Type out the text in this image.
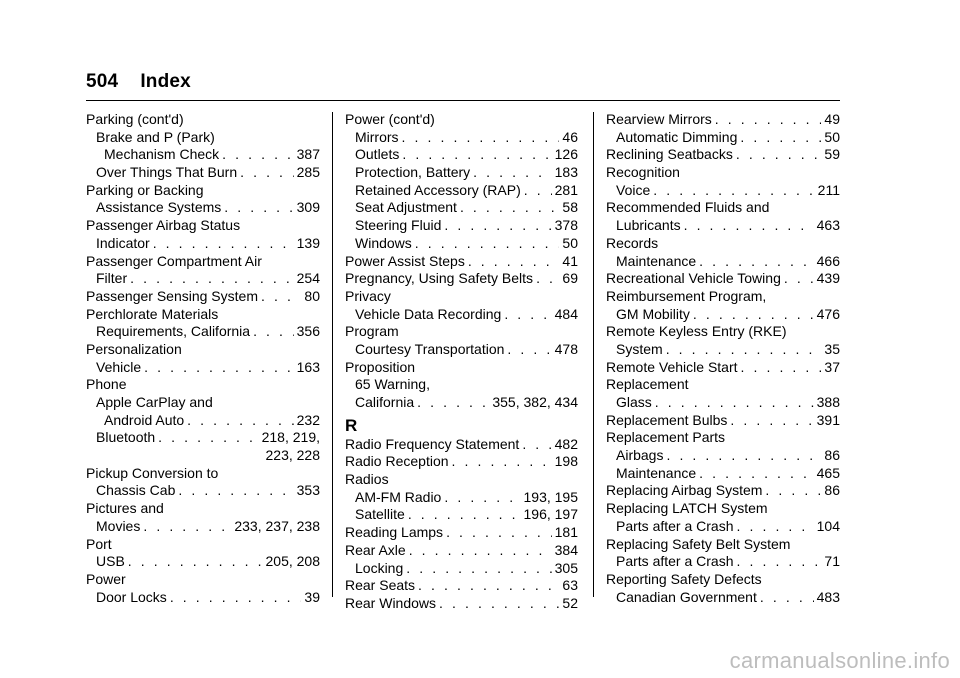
504 Index
Parking (cont'd)
Brake and P (Park)
Mechanism Check . . .	387
Over Things That Burn . . .	285
Parking or Backing
Assistance Systems . . .	309
Passenger Airbag Status
Indicator . . .	139
Passenger Compartment Air
Filter . . .	254
Passenger Sensing System . . .	80
Perchlorate Materials
Requirements, California . . .	356
Personalization
Vehicle . . .	163
Phone
Apple CarPlay and
Android Auto . . .	232
Bluetooth . . .	218, 219,
223, 228
Pickup Conversion to
Chassis Cab . . .	353
Pictures and
Movies . . .	233, 237, 238
Port
USB . . .	205, 208
Power
Door Locks . . .	39
Power (cont'd)
Mirrors . . .	46
Outlets . . .	126
Protection, Battery . . .	183
Retained Accessory (RAP) . . . 281
Seat Adjustment . . .	58
Steering Fluid . . .	378
Windows . . .	50
Power Assist Steps . . .	41
Pregnancy, Using Safety Belts . . . 69
Privacy
Vehicle Data Recording . . .	484
Program
Courtesy Transportation . . .	478
Proposition
65 Warning,
California . . .	355, 382, 434
R
Radio Frequency Statement . . .	482
Radio Reception . . .	198
Radios
AM-FM Radio . . .	193, 195
Satellite . . .	196, 197
Reading Lamps . . .	181
Rear Axle . . .	384
Locking . . .	305
Rear Seats . . .	63
Rear Windows . . .	52
Rearview Mirrors . . .	49
Automatic Dimming . . .	50
Reclining Seatbacks . . .	59
Recognition
Voice . . .	211
Recommended Fluids and
Lubricants . . .	463
Records
Maintenance . . .	466
Recreational Vehicle Towing . . .	439
Reimbursement Program,
GM Mobility . . .	476
Remote Keyless Entry (RKE)
System . . .	35
Remote Vehicle Start . . .	37
Replacement
Glass . . .	388
Replacement Bulbs . . .	391
Replacement Parts
Airbags . . .	86
Maintenance . . .	465
Replacing Airbag System . . .	86
Replacing LATCH System
Parts after a Crash . . .	104
Replacing Safety Belt System
Parts after a Crash . . .	71
Reporting Safety Defects
Canadian Government . . .	483
carmanualsonline.info
